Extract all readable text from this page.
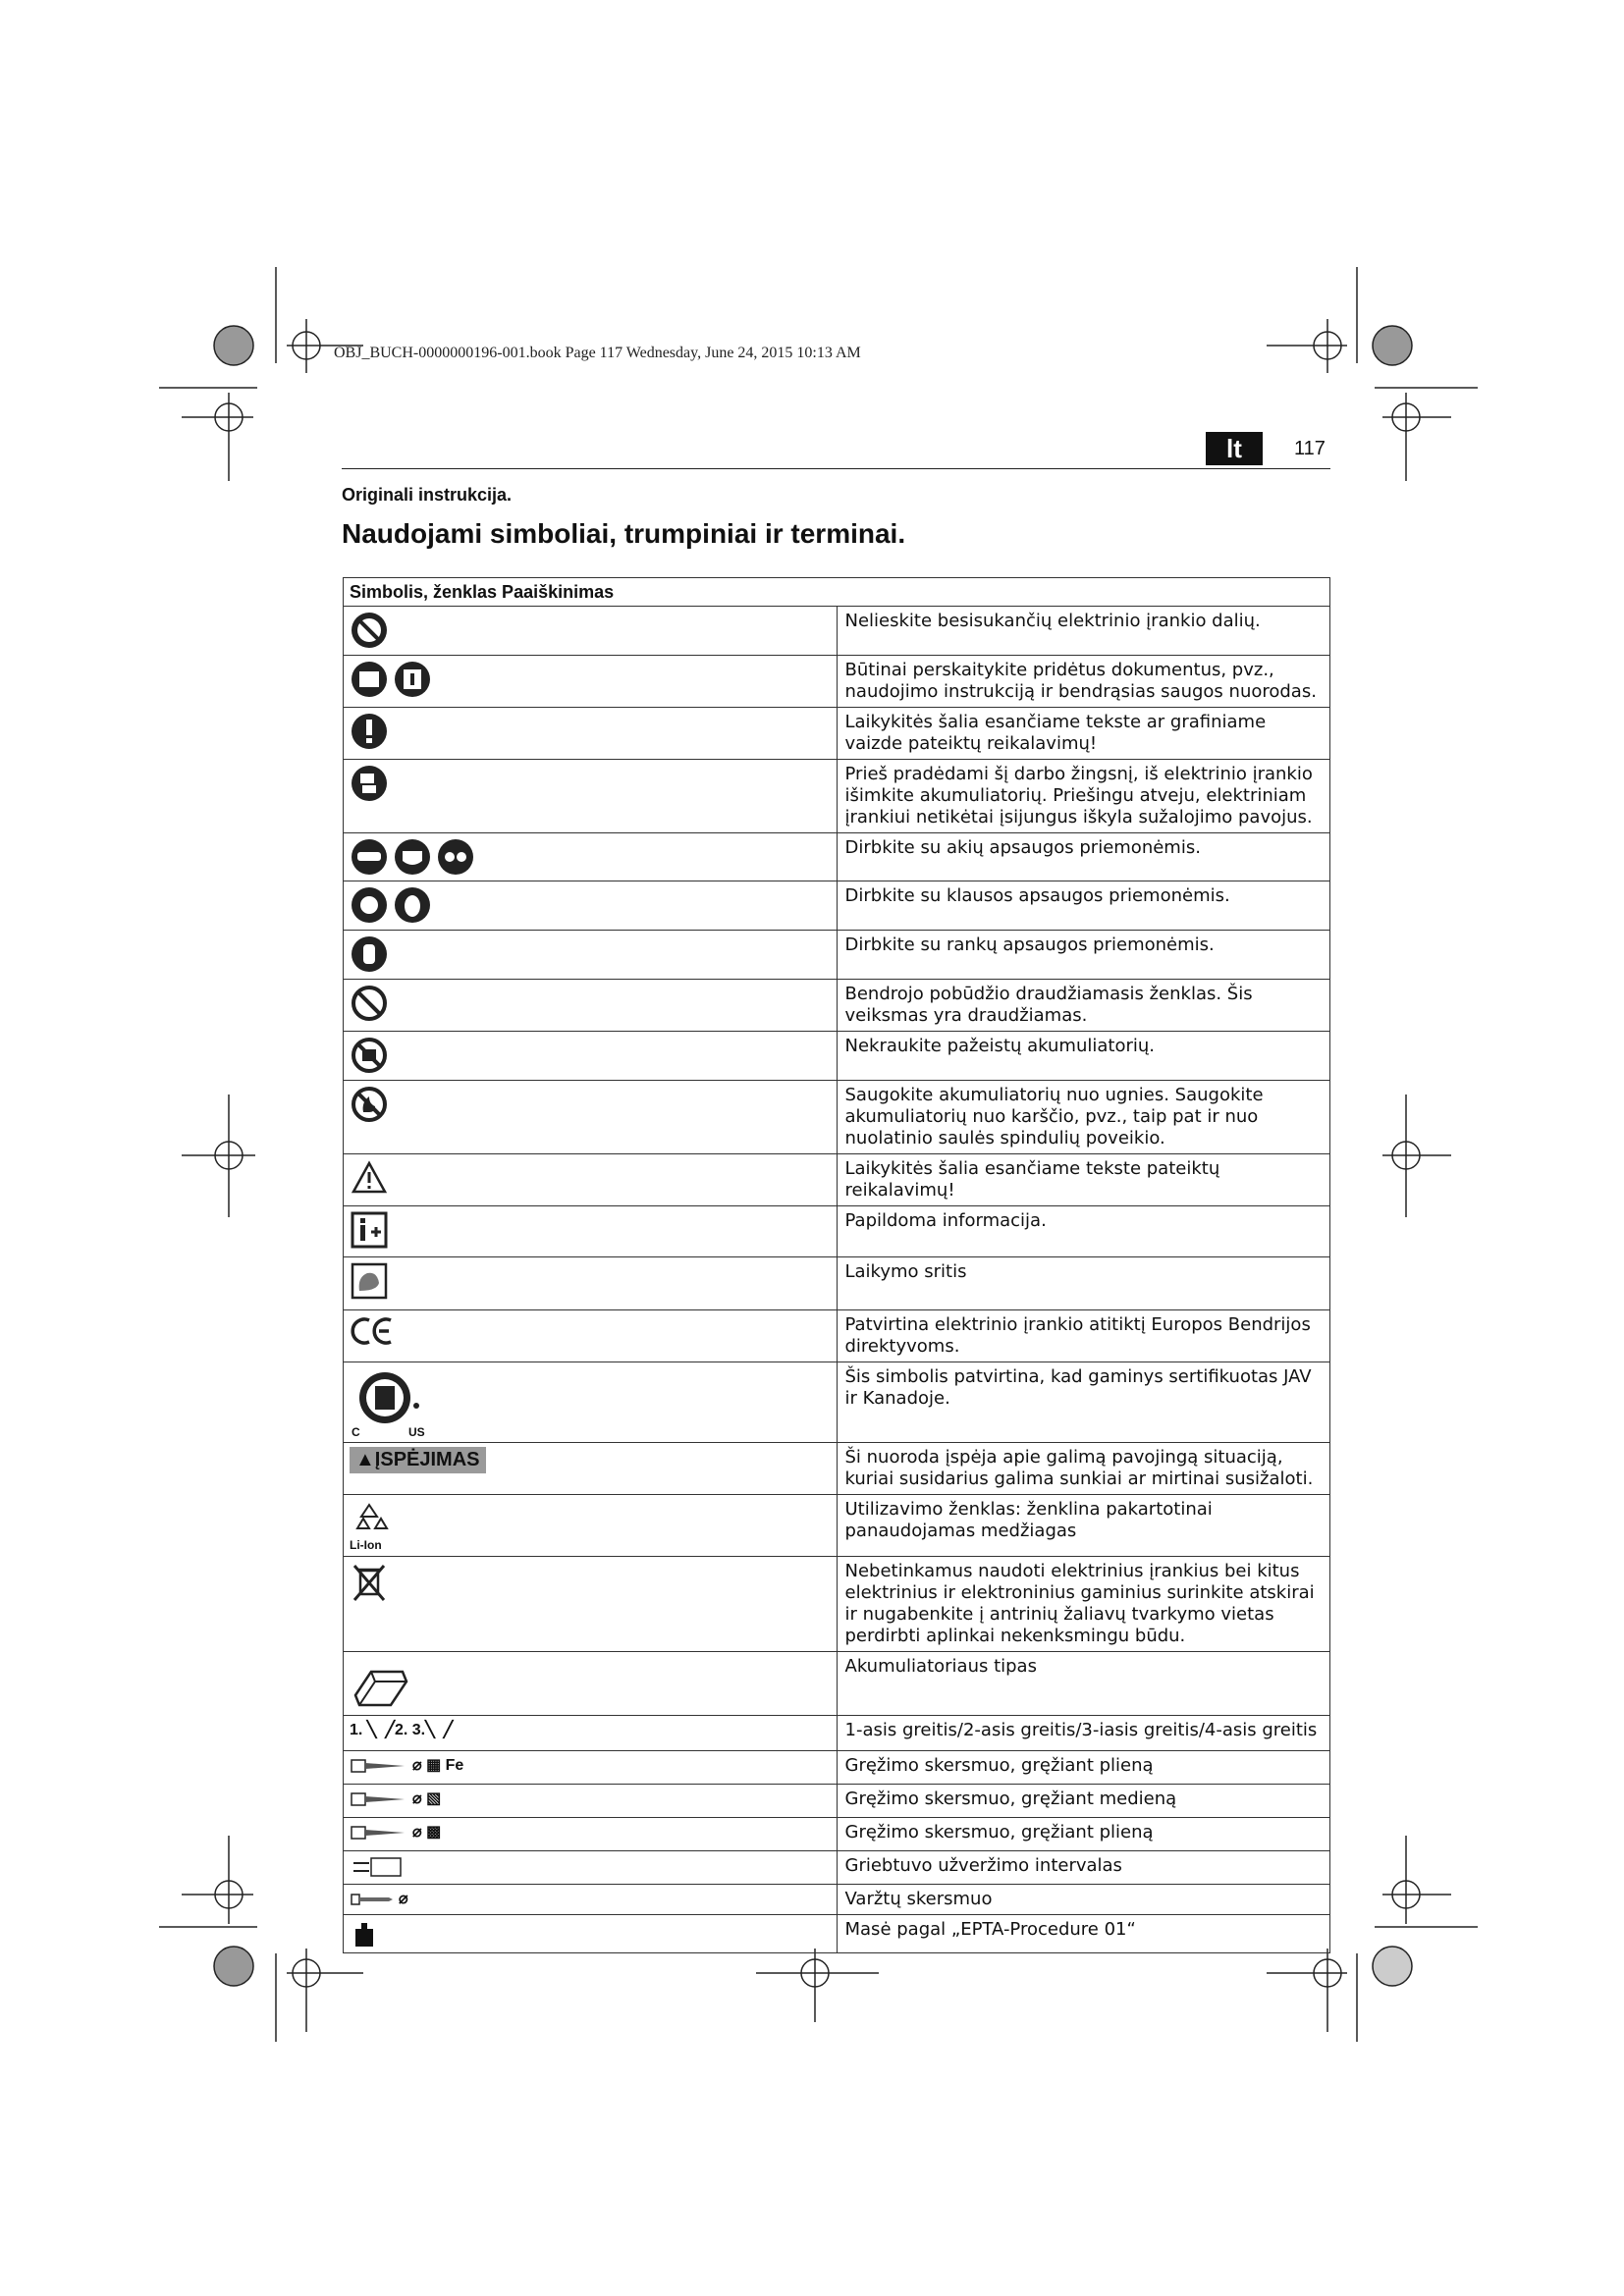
OBJ_BUCH-0000000196-001.book Page 117 Wednesday, June 24, 2015 10:13 AM
lt	117
Originali instrukcija.
Naudojami simboliai, trumpiniai ir terminai.
Simbolis, ženklas Paaiškinimas	
	Nelieskite besisukančių elektrinio įrankio dalių.
	Būtinai perskaitykite pridėtus dokumentus, pvz., naudojimo instrukciją ir bendrąsias saugos nuorodas.
	Laikykitės šalia esančiame tekste ar grafiniame vaizde pateiktų reikalavimų!
	Prieš pradėdami šį darbo žingsnį, iš elektrinio įrankio išimkite akumuliatorių. Priešingu atveju, elektriniam įrankiui netikėtai įsijungus iškyla sužalojimo pavojus.
	Dirbkite su akių apsaugos priemonėmis.
	Dirbkite su klausos apsaugos priemonėmis.
	Dirbkite su rankų apsaugos priemonėmis.
	Bendrojo pobūdžio draudžiamasis ženklas. Šis veiksmas yra draudžiamas.
	Nekraukite pažeistų akumuliatorių.
	Saugokite akumuliatorių nuo ugnies. Saugokite akumuliatorių nuo karščio, pvz., taip pat ir nuo nuolatinio saulės spindulių poveikio.
	Laikykitės šalia esančiame tekste pateiktų reikalavimų!
	Papildoma informacija.
	Laikymo sritis
	Patvirtina elektrinio įrankio atitiktį Europos Bendrijos direktyvoms.

C US	Šis simbolis patvirtina, kad gaminys sertifikuotas JAV ir Kanadoje.
▲ĮSPĖJIMAS	Ši nuoroda įspėja apie galimą pavojingą situaciją, kuriai susidarius galima sunkiai ar mirtinai susižaloti.

Li-Ion	Utilizavimo ženklas: ženklina pakartotinai panaudojamas medžiagas
	Nebetinkamus naudoti elektrinius įrankius bei kitus elektrinius ir elektroninius gaminius surinkite atskirai ir nugabenkite į antrinių žaliavų tvarkymo vietas perdirbti aplinkai nekenksmingu būdu.
	Akumuliatoriaus tipas
1. ╲  ╱2. 3.╲  ╱	1-asis greitis/2-asis greitis/3-iasis greitis/4-asis greitis
⌀ ▦ Fe	Gręžimo skersmuo, gręžiant plieną
⌀ ▧	Gręžimo skersmuo, gręžiant medieną
⌀ ▩	Gręžimo skersmuo, gręžiant plieną
	Griebtuvo užveržimo intervalas
⌀	Varžtų skersmuo
	Masė pagal „EPTA-Procedure 01“
